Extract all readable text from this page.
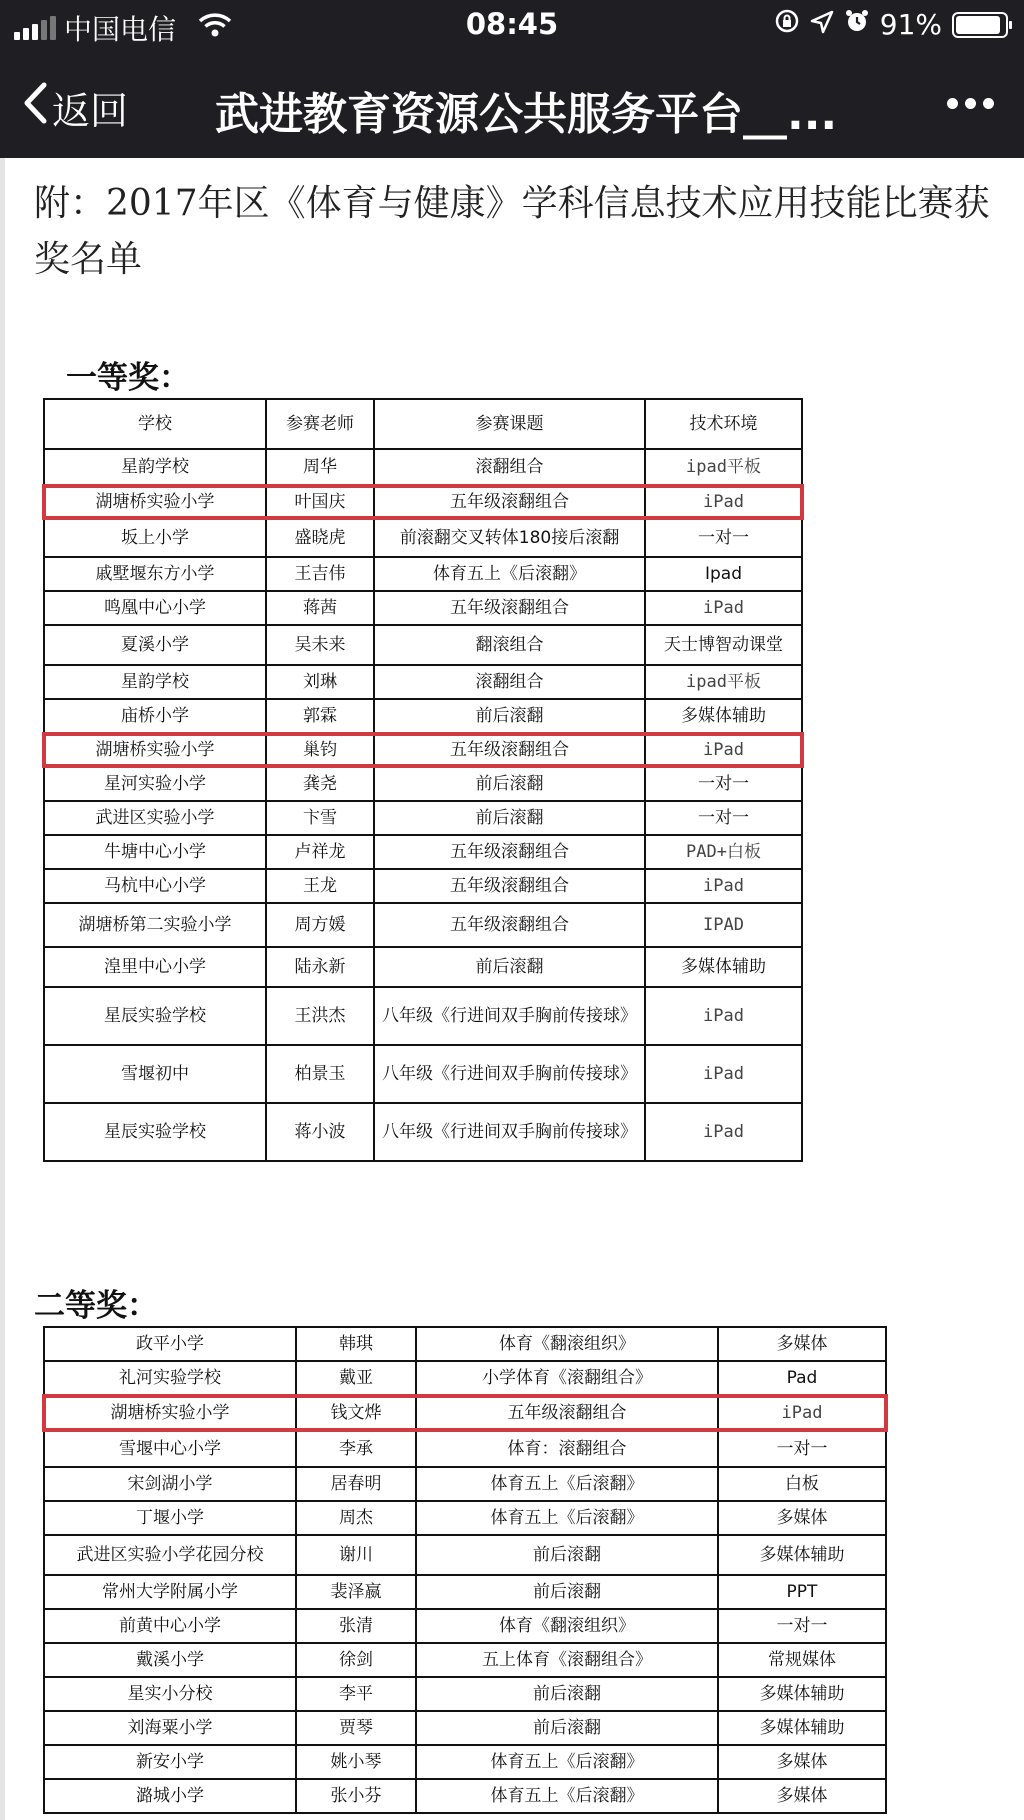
中国电信	08:45	91%
返回 武进教育资源公共服务平台__...
附：2017年区《体育与健康》学科信息技术应用技能比赛获奖名单
一等奖：
学校	参赛老师	参赛课题	技术环境
星韵学校	周华	滚翻组合	ipad平板
湖塘桥实验小学	叶国庆	五年级滚翻组合	iPad
坂上小学	盛晓虎	前滚翻交叉转体180接后滚翻	一对一
戚墅堰东方小学	王吉伟	体育五上《后滚翻》	Ipad
鸣凰中心小学	蒋茜	五年级滚翻组合	iPad
夏溪小学	吴未来	翻滚组合	天士博智动课堂
星韵学校	刘琳	滚翻组合	ipad平板
庙桥小学	郭霖	前后滚翻	多媒体辅助
湖塘桥实验小学	巢钧	五年级滚翻组合	iPad
星河实验小学	龚尧	前后滚翻	一对一
武进区实验小学	卞雪	前后滚翻	一对一
牛塘中心小学	卢祥龙	五年级滚翻组合	PAD+白板
马杭中心小学	王龙	五年级滚翻组合	iPad
湖塘桥第二实验小学	周方媛	五年级滚翻组合	IPAD
湟里中心小学	陆永新	前后滚翻	多媒体辅助
星辰实验学校	王洪杰	八年级《行进间双手胸前传接球》	iPad
雪堰初中	柏景玉	八年级《行进间双手胸前传接球》	iPad
星辰实验学校	蒋小波	八年级《行进间双手胸前传接球》	iPad
二等奖：
政平小学	韩琪	体育《翻滚组织》	多媒体
礼河实验学校	戴亚	小学体育《滚翻组合》	Pad
湖塘桥实验小学	钱文烨	五年级滚翻组合	iPad
雪堰中心小学	李承	体育：滚翻组合	一对一
宋剑湖小学	居春明	体育五上《后滚翻》	白板
丁堰小学	周杰	体育五上《后滚翻》	多媒体
武进区实验小学花园分校	谢川	前后滚翻	多媒体辅助
常州大学附属小学	裴泽嬴	前后滚翻	PPT
前黄中心小学	张清	体育《翻滚组织》	一对一
戴溪小学	徐剑	五上体育《滚翻组合》	常规媒体
星实小分校	李平	前后滚翻	多媒体辅助
刘海粟小学	贾琴	前后滚翻	多媒体辅助
新安小学	姚小琴	体育五上《后滚翻》	多媒体
潞城小学	张小芬	体育五上《后滚翻》	多媒体
